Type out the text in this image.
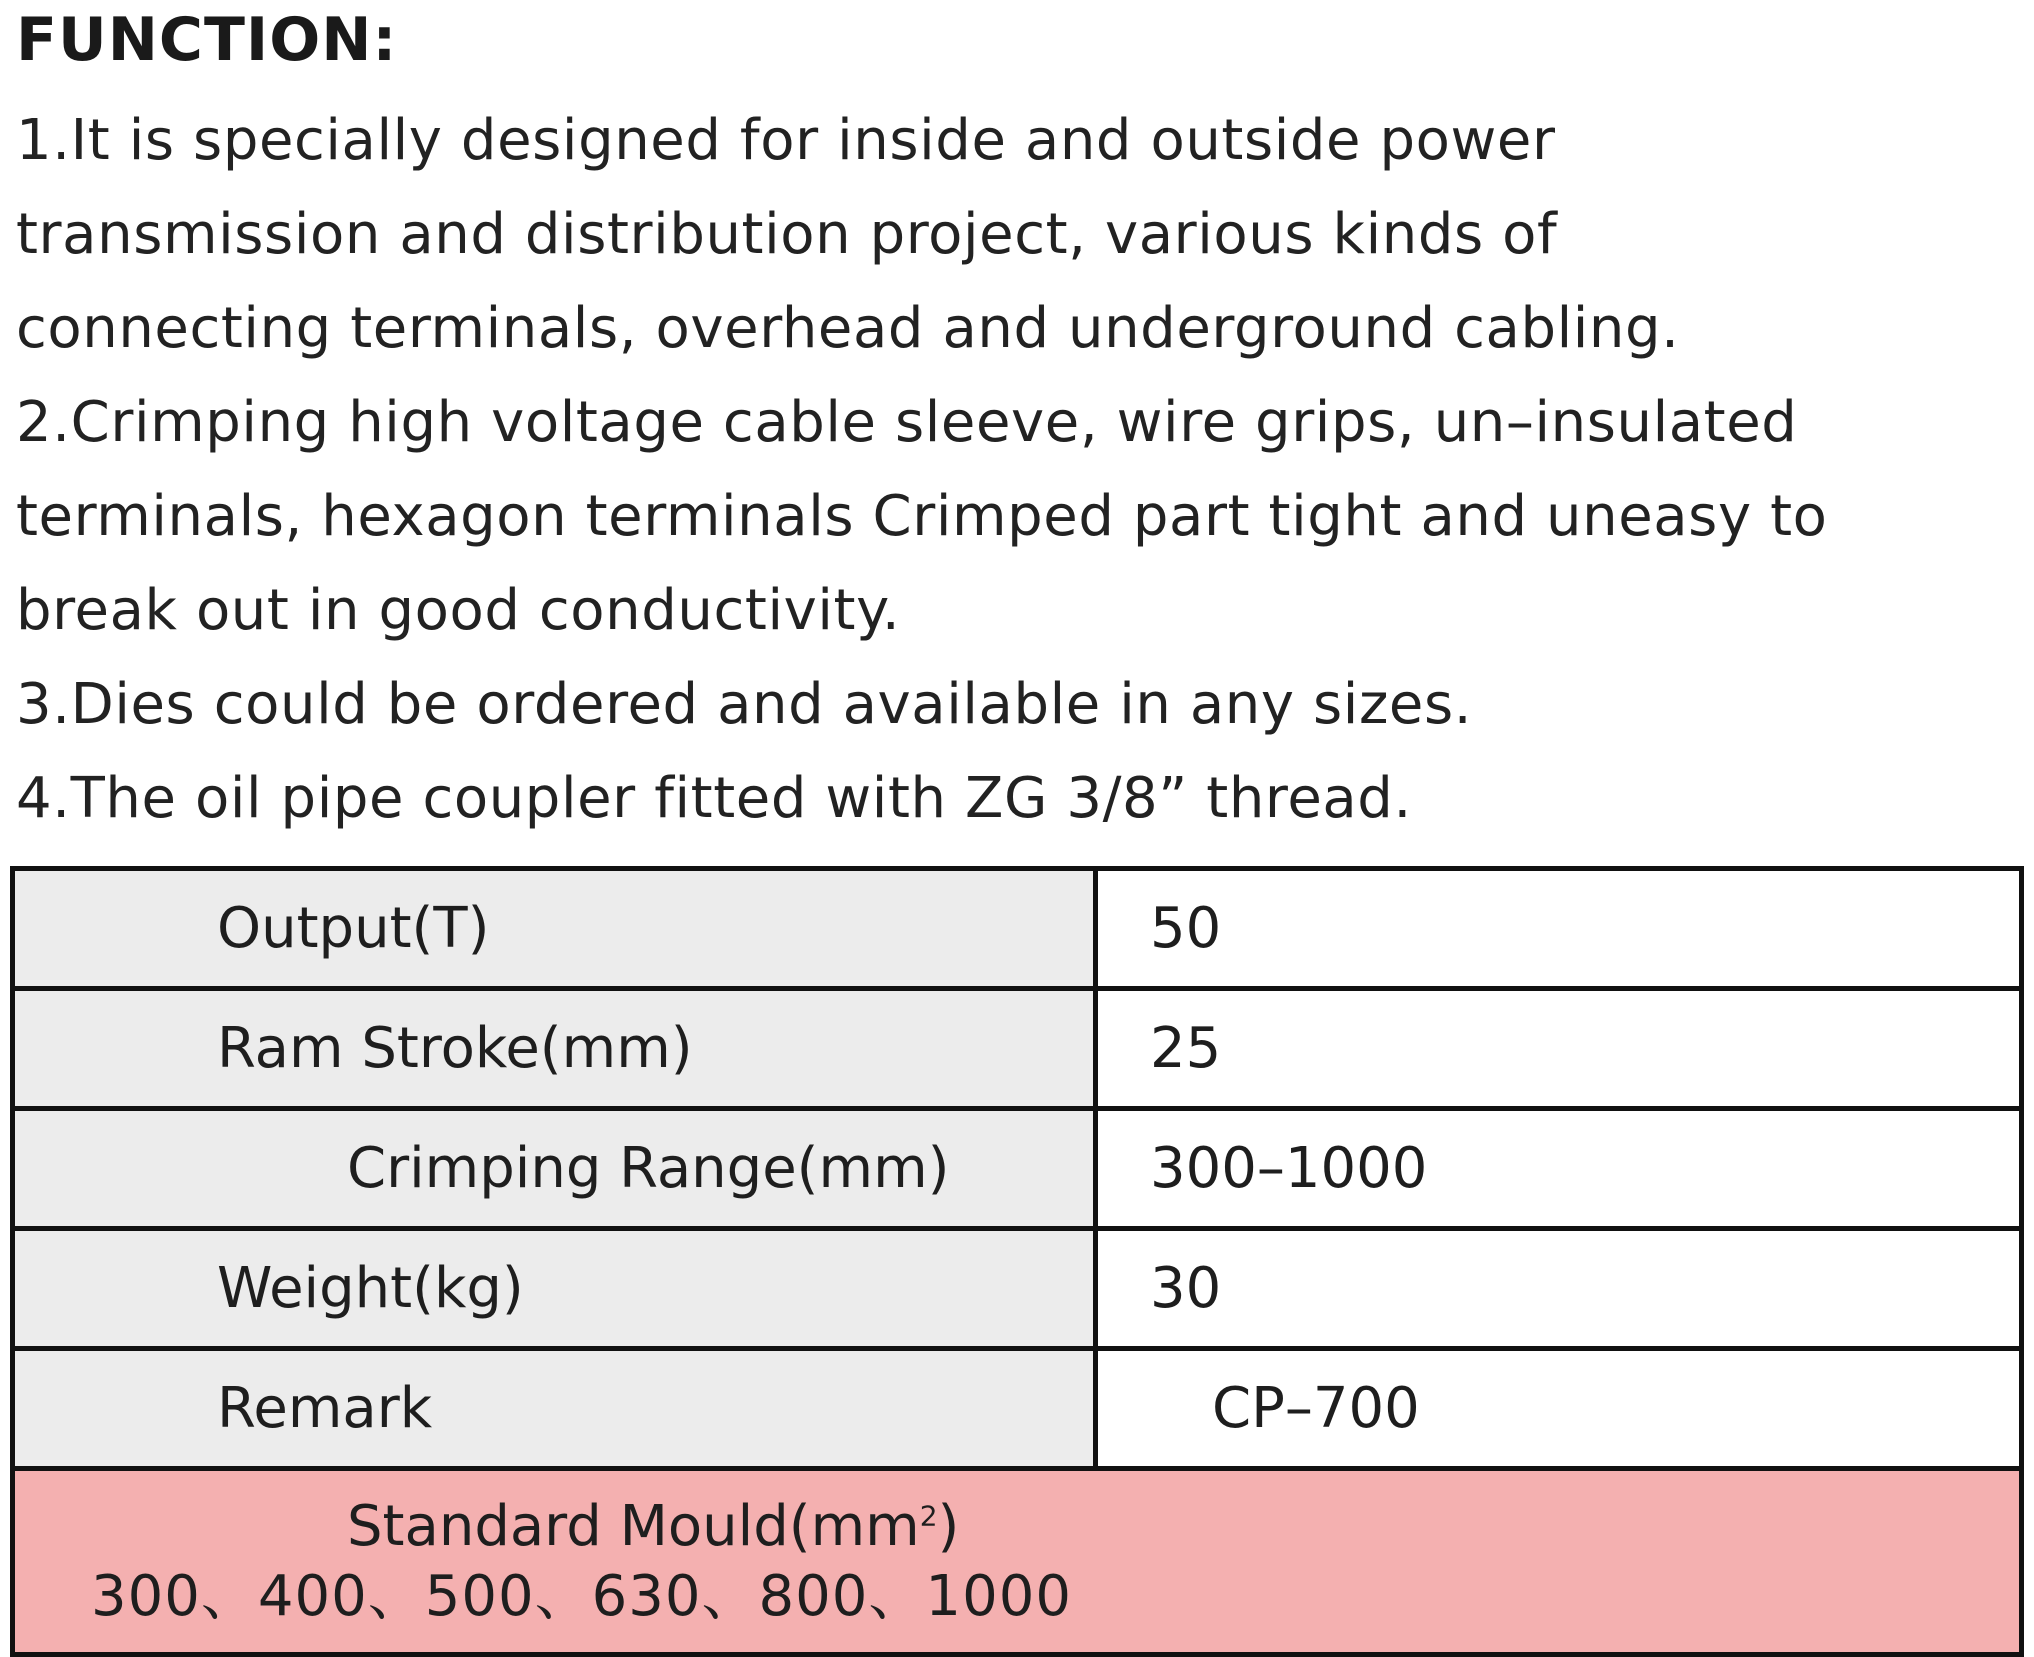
FUNCTION:
1.It is specially designed for inside and outside power
transmission and distribution project, various kinds of
connecting terminals, overhead and underground cabling.
2.Crimping high voltage cable sleeve, wire grips, un–insulated
terminals, hexagon terminals Crimped part tight and uneasy to
break out in good conductivity.
3.Dies could be ordered and available in any sizes.
4.The oil pipe coupler fitted with ZG 3/8” thread.
Output(T)	50
Ram Stroke(mm)	25
Crimping Range(mm)	300–1000
Weight(kg)	30
Remark	CP–700

Standard $Mould(mm^2)$
300、400、500、630、800、1000	
